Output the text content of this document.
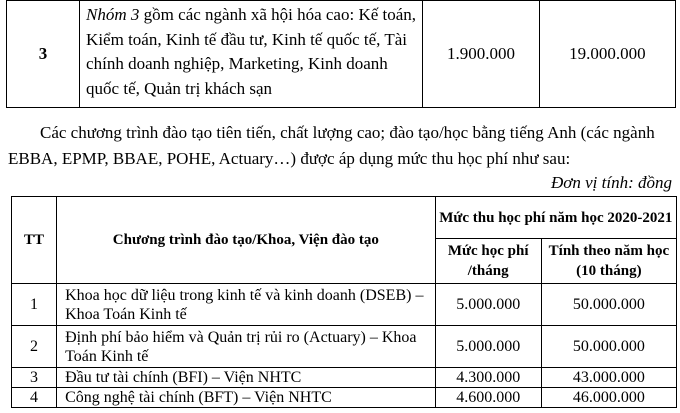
3	Nhóm 3 gồm các ngành xã hội hóa cao: Kế toán, Kiểm toán, Kinh tế đầu tư, Kinh tế quốc tế, Tài chính doanh nghiệp, Marketing, Kinh doanh quốc tế, Quản trị khách sạn	1.900.000	19.000.000

Các chương trình đào tạo tiên tiến, chất lượng cao; đào tạo/học bằng tiếng Anh (các ngành EBBA, EPMP, BBAE, POHE, Actuary…) được áp dụng mức thu học phí như sau:

Đơn vị tính: đồng

TT	Chương trình đào tạo/Khoa, Viện đào tạo	Mức thu học phí năm học 2020-2021	
		Mức học phí /tháng	Tính theo năm học (10 tháng)
1	Khoa học dữ liệu trong kinh tế và kinh doanh (DSEB) – Khoa Toán Kinh tế	5.000.000	50.000.000
2	Định phí bảo hiểm và Quản trị rủi ro (Actuary) – Khoa Toán Kinh tế	5.000.000	50.000.000
3	Đầu tư tài chính (BFI) – Viện NHTC	4.300.000	43.000.000
4	Công nghệ tài chính (BFT) – Viện NHTC	4.600.000	46.000.000
